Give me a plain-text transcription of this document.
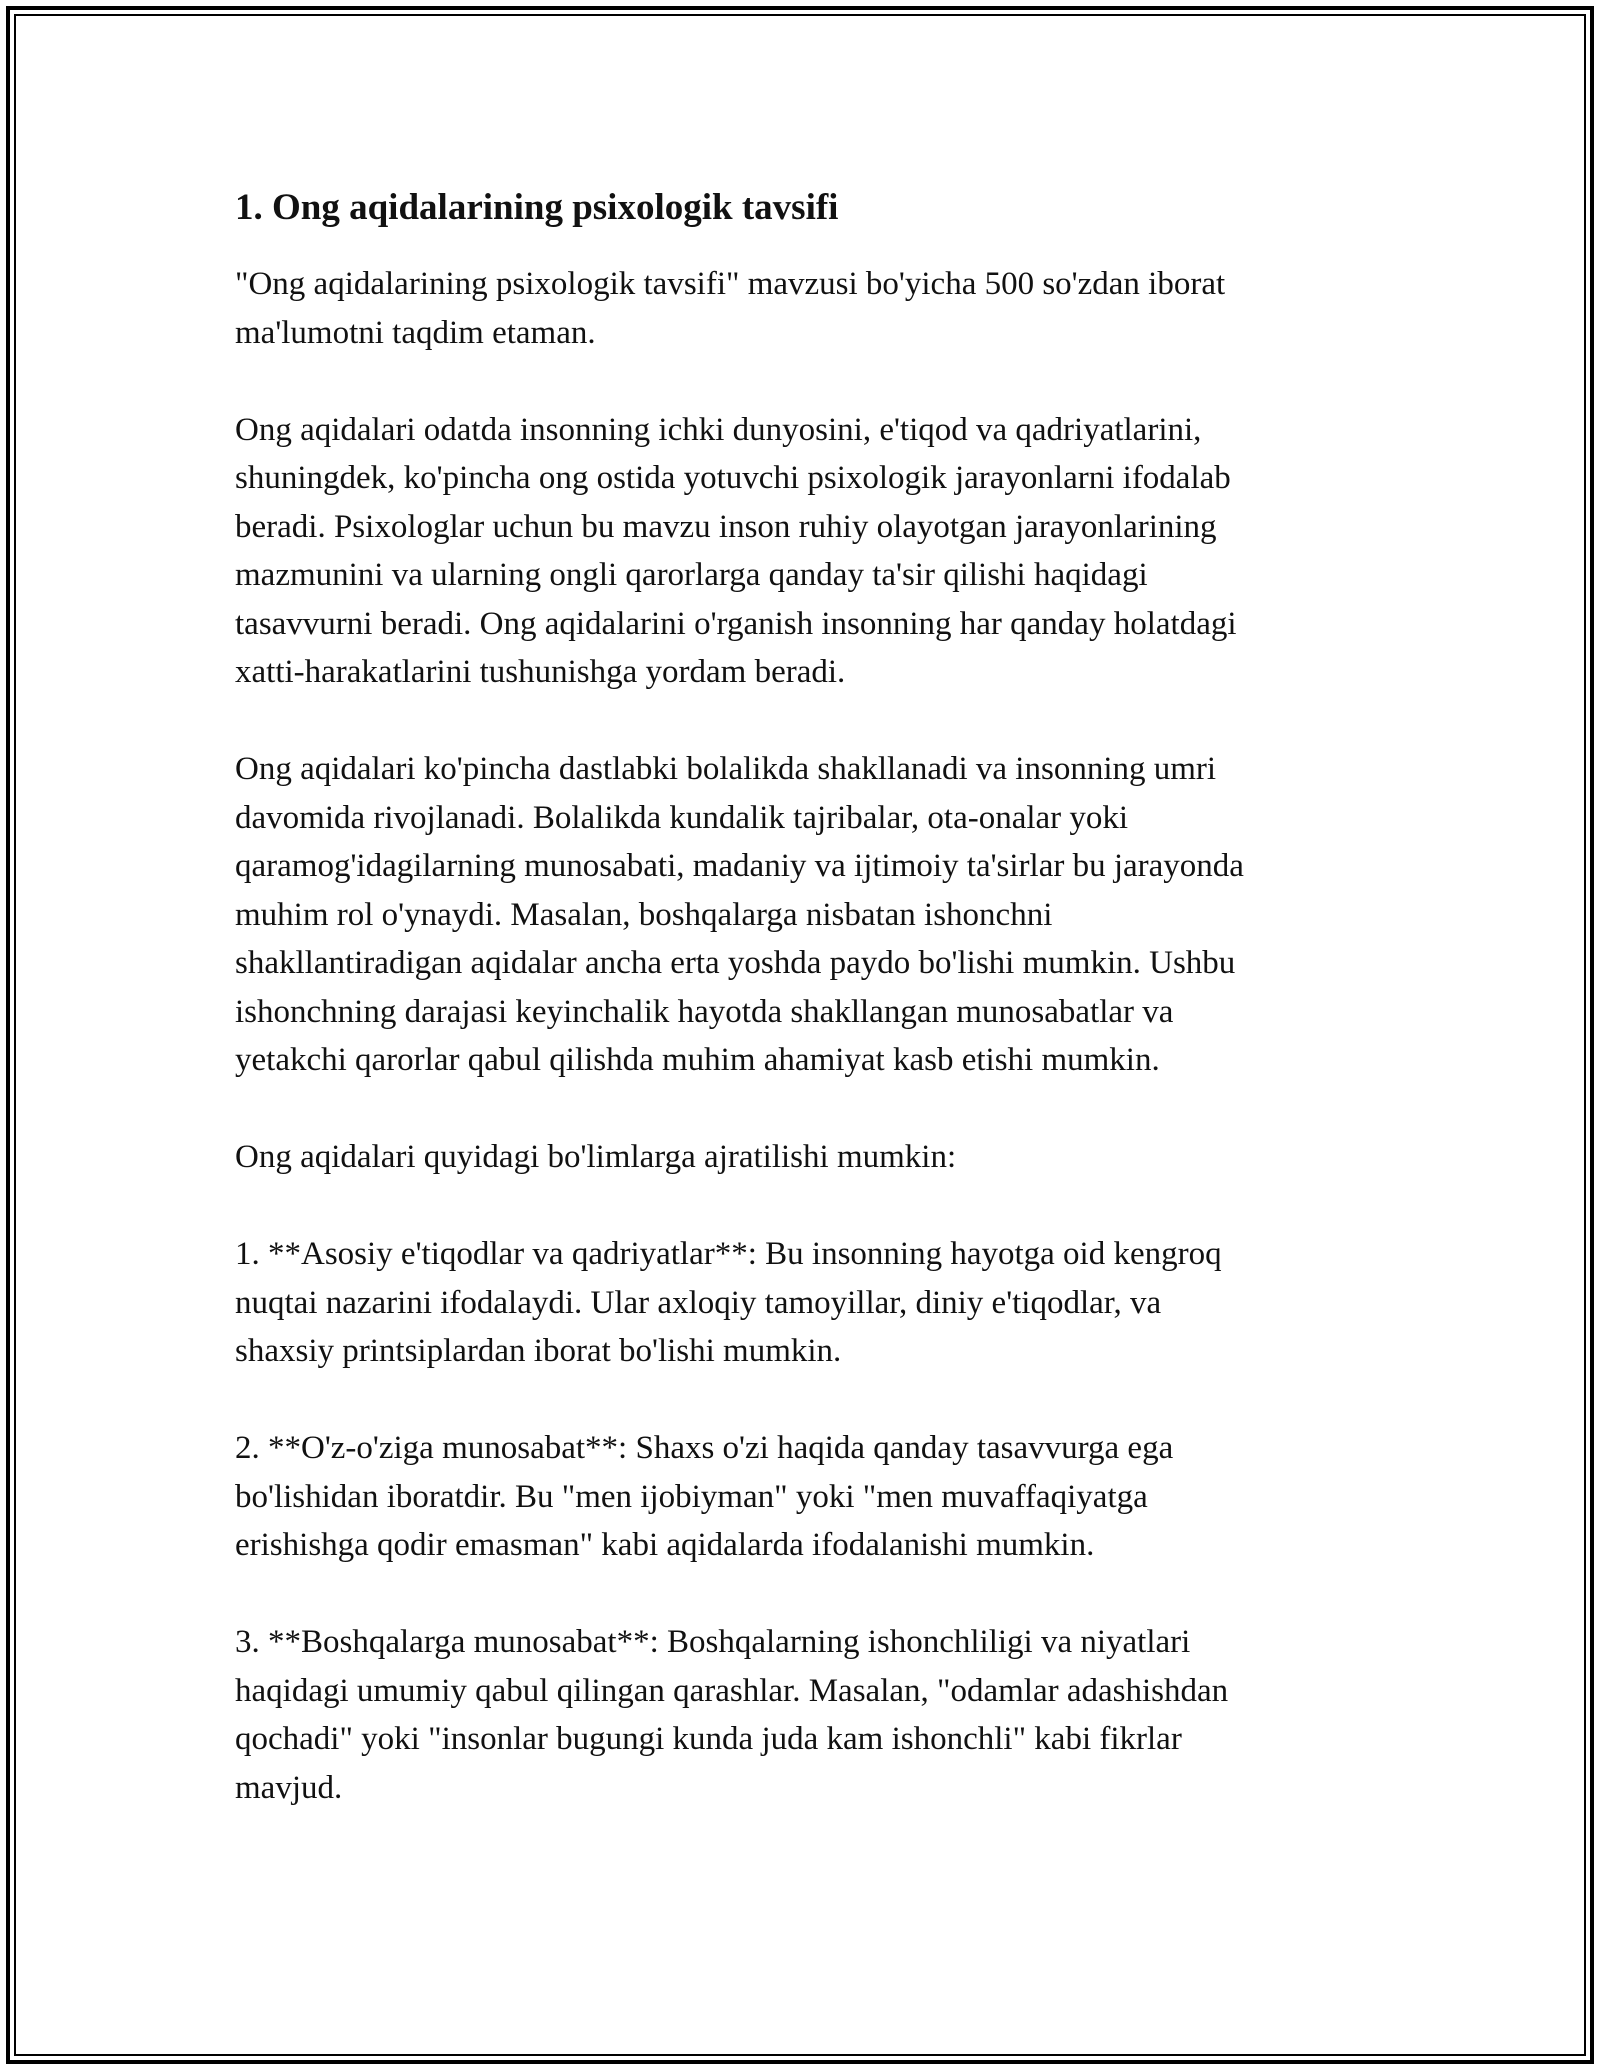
1. Ong aqidalarining psixologik tavsifi

"Ong aqidalarining psixologik tavsifi" mavzusi bo'yicha 500 so'zdan iborat
ma'lumotni taqdim etaman.

Ong aqidalari odatda insonning ichki dunyosini, e'tiqod va qadriyatlarini,
shuningdek, ko'pincha ong ostida yotuvchi psixologik jarayonlarni ifodalab
beradi. Psixologlar uchun bu mavzu inson ruhiy olayotgan jarayonlarining
mazmunini va ularning ongli qarorlarga qanday ta'sir qilishi haqidagi
tasavvurni beradi. Ong aqidalarini o'rganish insonning har qanday holatdagi
xatti-harakatlarini tushunishga yordam beradi.

Ong aqidalari ko'pincha dastlabki bolalikda shakllanadi va insonning umri
davomida rivojlanadi. Bolalikda kundalik tajribalar, ota-onalar yoki
qaramog'idagilarning munosabati, madaniy va ijtimoiy ta'sirlar bu jarayonda
muhim rol o'ynaydi. Masalan, boshqalarga nisbatan ishonchni
shakllantiradigan aqidalar ancha erta yoshda paydo bo'lishi mumkin. Ushbu
ishonchning darajasi keyinchalik hayotda shakllangan munosabatlar va
yetakchi qarorlar qabul qilishda muhim ahamiyat kasb etishi mumkin.

Ong aqidalari quyidagi bo'limlarga ajratilishi mumkin:

1. **Asosiy e'tiqodlar va qadriyatlar**: Bu insonning hayotga oid kengroq
nuqtai nazarini ifodalaydi. Ular axloqiy tamoyillar, diniy e'tiqodlar, va
shaxsiy printsiplardan iborat bo'lishi mumkin.

2. **O'z-o'ziga munosabat**: Shaxs o'zi haqida qanday tasavvurga ega
bo'lishidan iboratdir. Bu "men ijobiyman" yoki "men muvaffaqiyatga
erishishga qodir emasman" kabi aqidalarda ifodalanishi mumkin.

3. **Boshqalarga munosabat**: Boshqalarning ishonchliligi va niyatlari
haqidagi umumiy qabul qilingan qarashlar. Masalan, "odamlar adashishdan
qochadi" yoki "insonlar bugungi kunda juda kam ishonchli" kabi fikrlar
mavjud.
